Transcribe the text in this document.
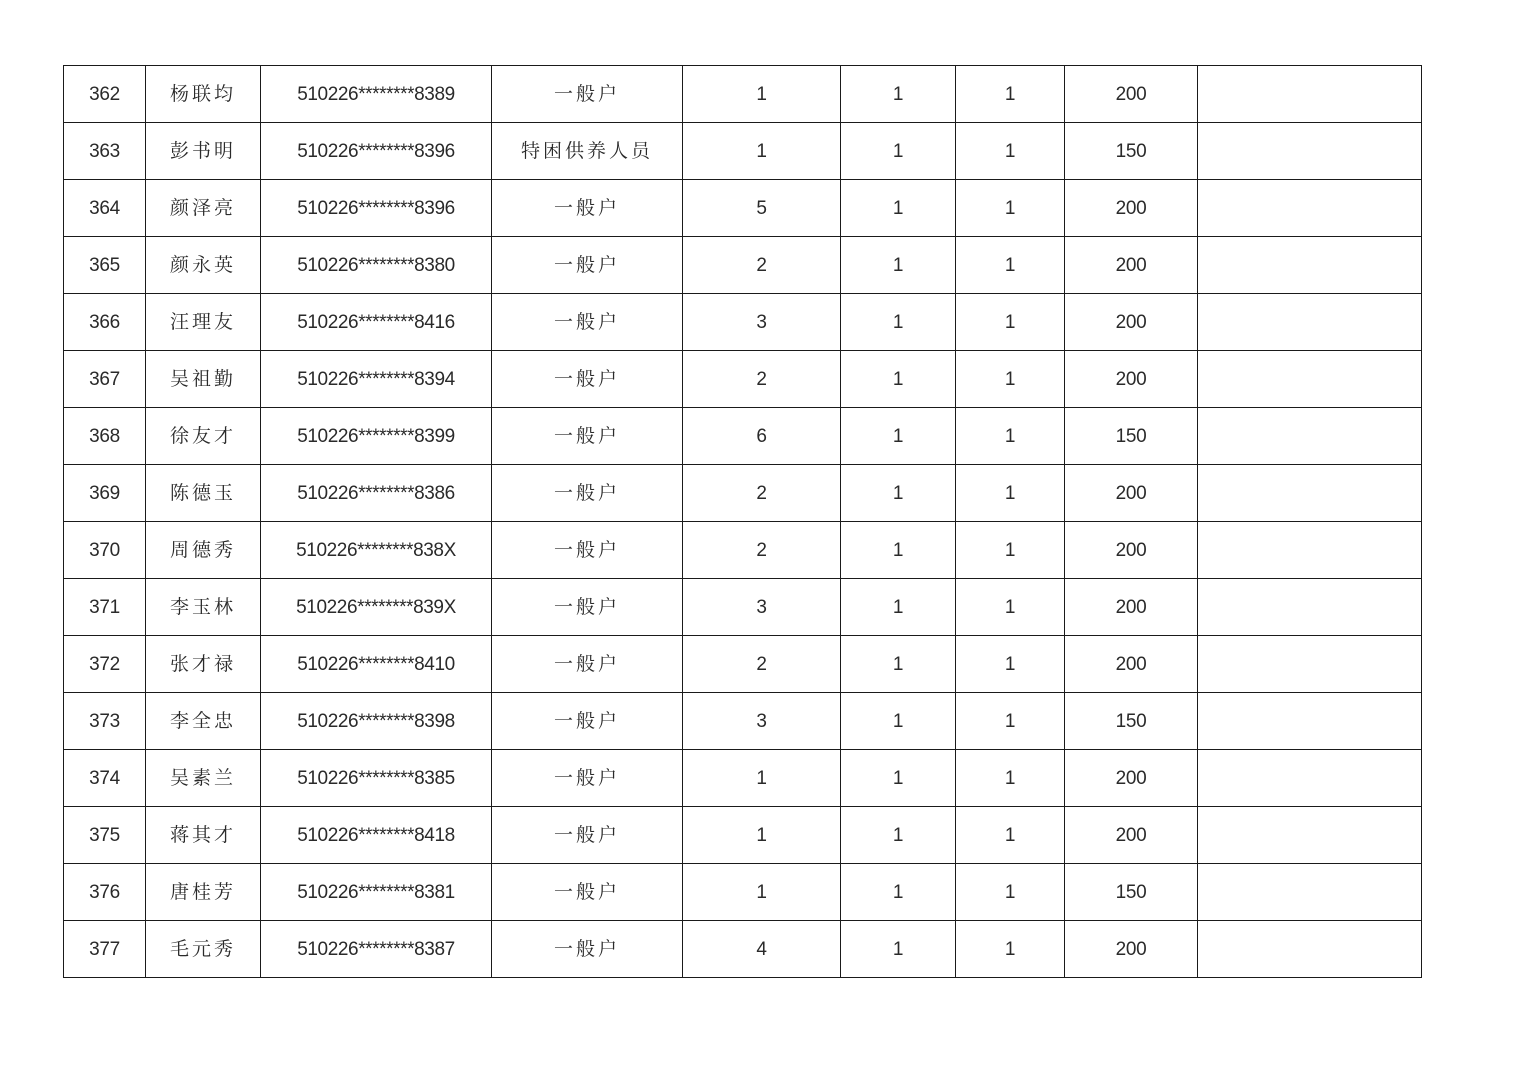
362	杨联均	510226********8389	一般户	1	1	1	200	
363	彭书明	510226********8396	特困供养人员	1	1	1	150	
364	颜泽亮	510226********8396	一般户	5	1	1	200	
365	颜永英	510226********8380	一般户	2	1	1	200	
366	汪理友	510226********8416	一般户	3	1	1	200	
367	吴祖勤	510226********8394	一般户	2	1	1	200	
368	徐友才	510226********8399	一般户	6	1	1	150	
369	陈德玉	510226********8386	一般户	2	1	1	200	
370	周德秀	510226********838X	一般户	2	1	1	200	
371	李玉林	510226********839X	一般户	3	1	1	200	
372	张才禄	510226********8410	一般户	2	1	1	200	
373	李全忠	510226********8398	一般户	3	1	1	150	
374	吴素兰	510226********8385	一般户	1	1	1	200	
375	蒋其才	510226********8418	一般户	1	1	1	200	
376	唐桂芳	510226********8381	一般户	1	1	1	150	
377	毛元秀	510226********8387	一般户	4	1	1	200	
